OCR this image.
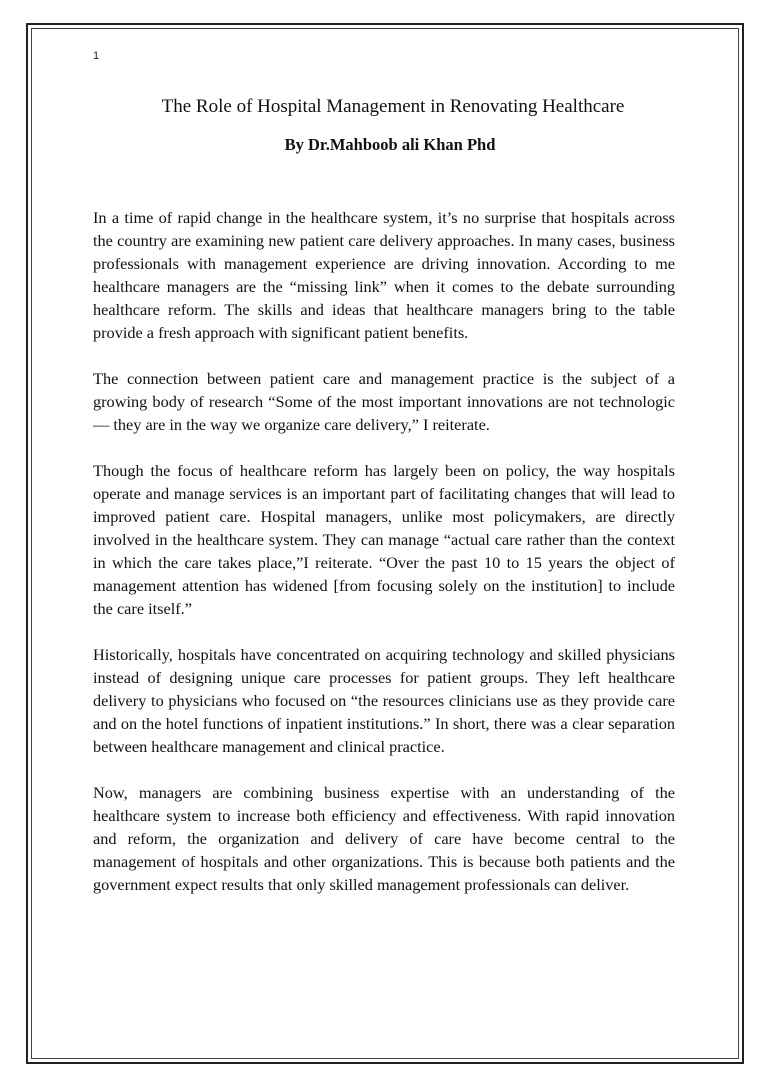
1
The Role of Hospital Management in Renovating Healthcare
By Dr.Mahboob ali Khan Phd

In a time of rapid change in the healthcare system, it’s no surprise that hospitals across the country are examining new patient care delivery approaches. In many cases, business professionals with management experience are driving innovation. According to me healthcare managers are the “missing link” when it comes to the debate surrounding healthcare reform. The skills and ideas that healthcare managers bring to the table provide a fresh approach with significant patient benefits.

The connection between patient care and management practice is the subject of a growing body of research “Some of the most important innovations are not technologic — they are in the way we organize care delivery,” I reiterate.

Though the focus of healthcare reform has largely been on policy, the way hospitals operate and manage services is an important part of facilitating changes that will lead to improved patient care. Hospital managers, unlike most policymakers, are directly involved in the healthcare system. They can manage “actual care rather than the context in which the care takes place,”I reiterate. “Over the past 10 to 15 years the object of management attention has widened [from focusing solely on the institution] to include the care itself.”

Historically, hospitals have concentrated on acquiring technology and skilled physicians instead of designing unique care processes for patient groups. They left healthcare delivery to physicians who focused on “the resources clinicians use as they provide care and on the hotel functions of inpatient institutions.” In short, there was a clear separation between healthcare management and clinical practice.

Now, managers are combining business expertise with an understanding of the healthcare system to increase both efficiency and effectiveness. With rapid innovation and reform, the organization and delivery of care have become central to the management of hospitals and other organizations. This is because both patients and the government expect results that only skilled management professionals can deliver.
